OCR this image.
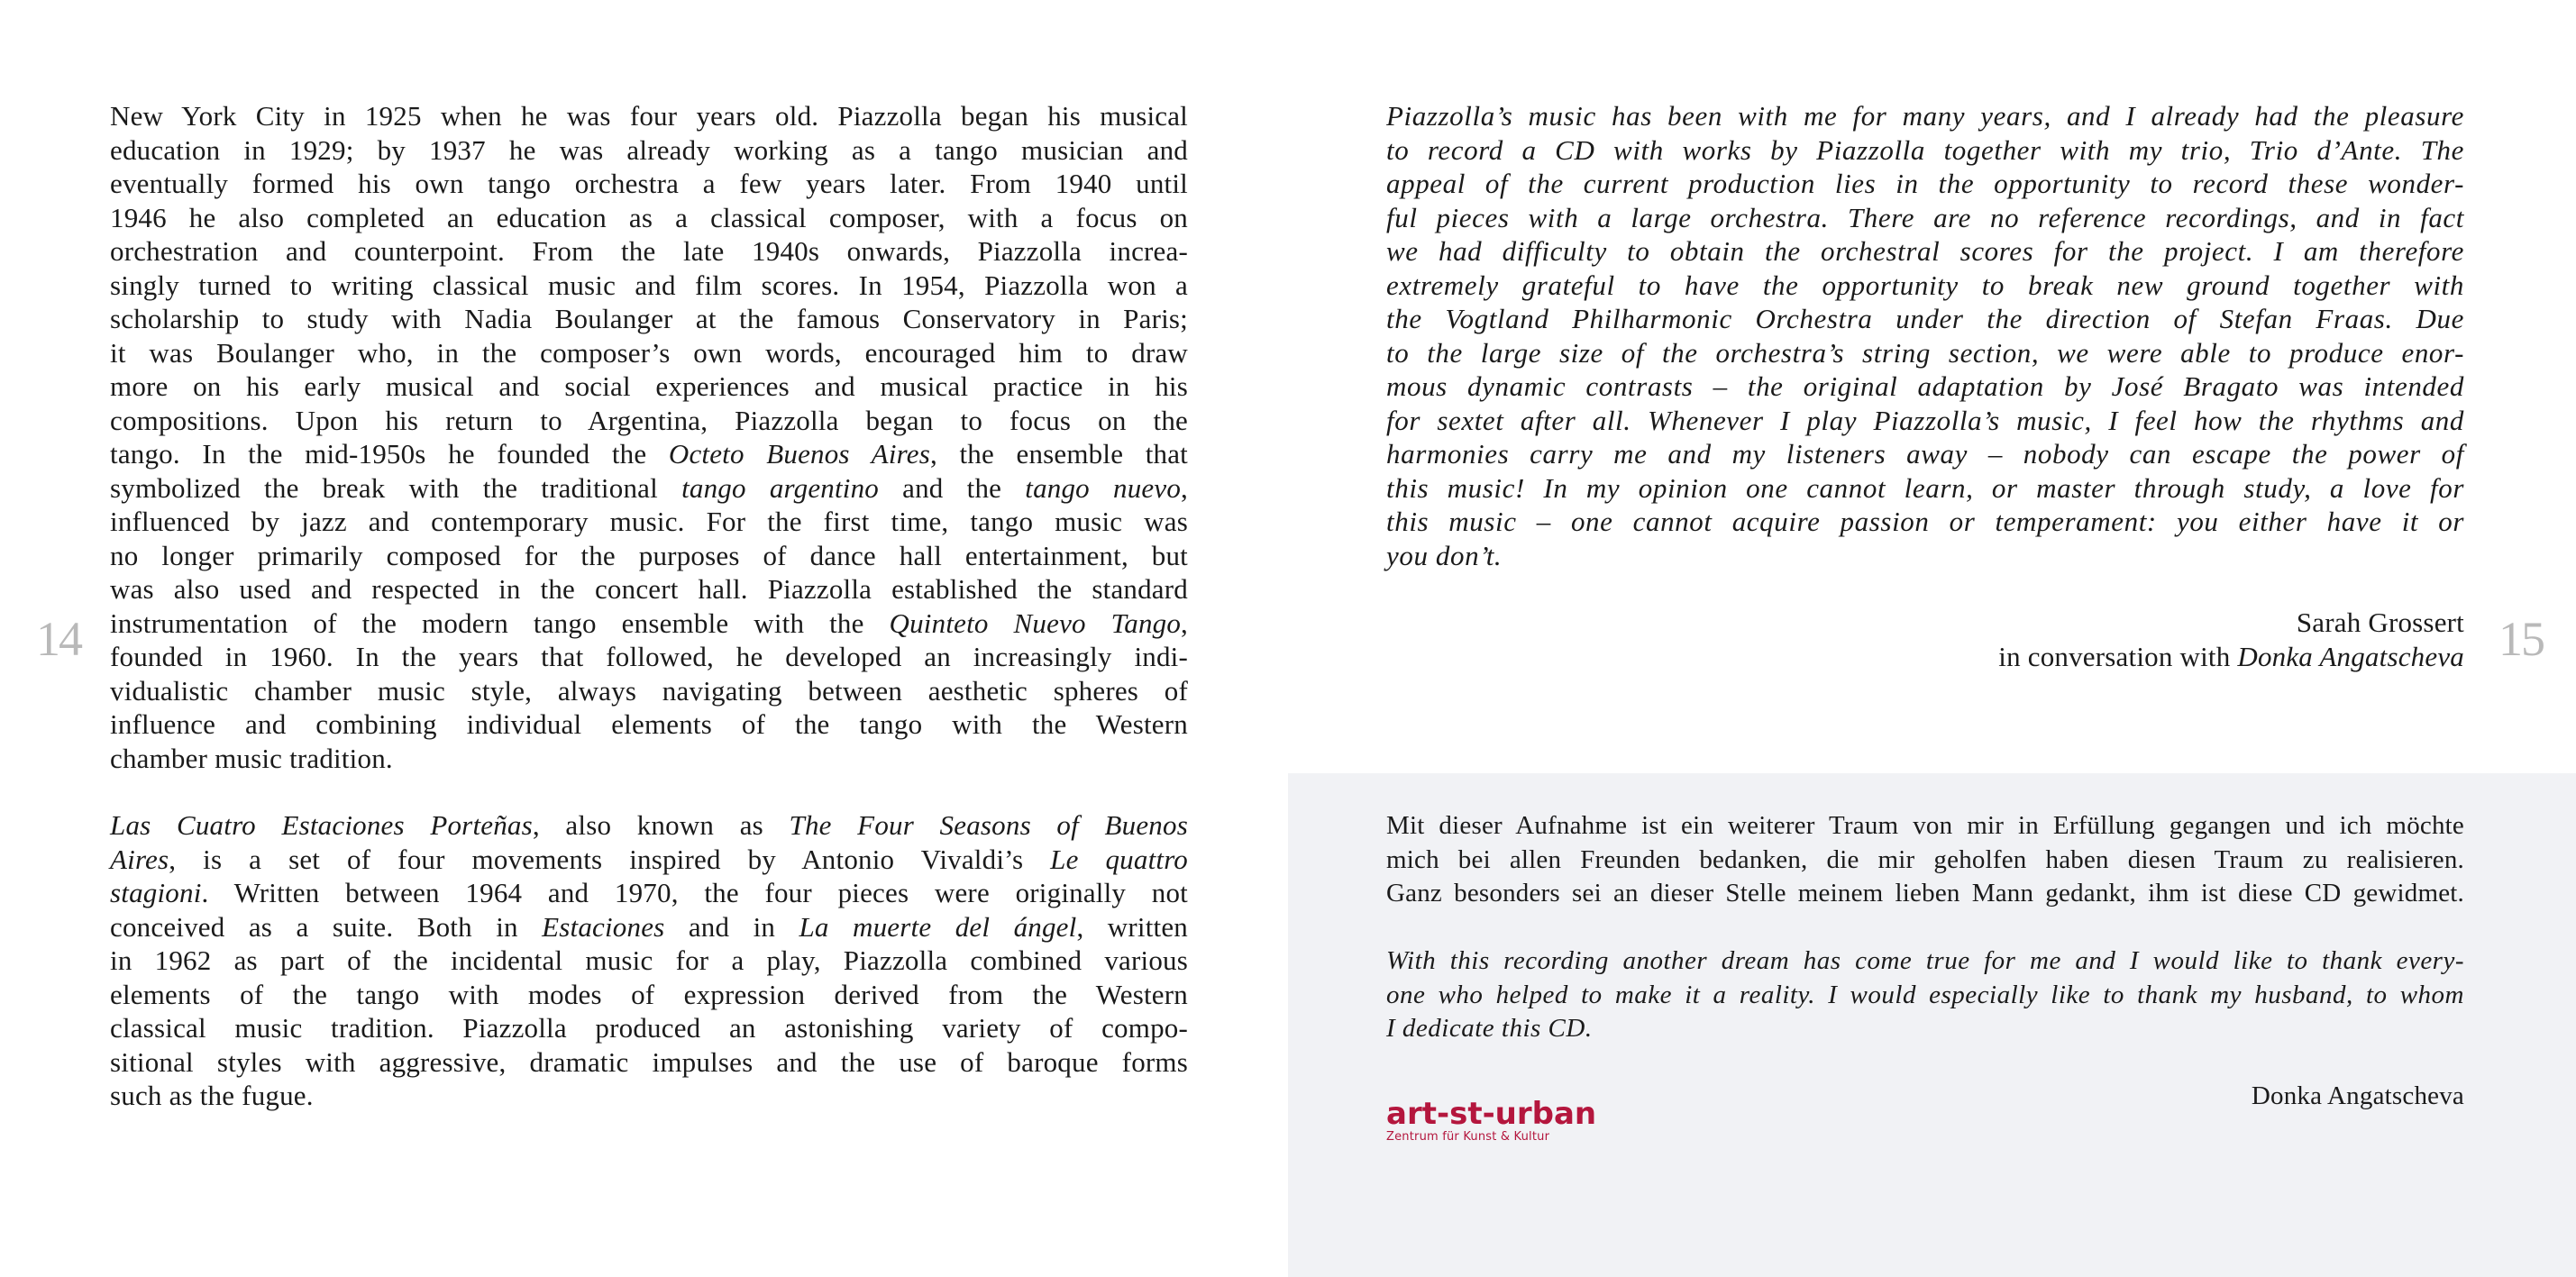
14
New York City in 1925 when he was four years old. Piazzolla began his musical
education in 1929; by 1937 he was already working as a tango musician and
eventually formed his own tango orchestra a few years later. From 1940 until
1946 he also completed an education as a classical composer, with a focus on
orchestration and counterpoint. From the late 1940s onwards, Piazzolla increa-
singly turned to writing classical music and film scores. In 1954, Piazzolla won a
scholarship to study with Nadia Boulanger at the famous Conservatory in Paris;
it was Boulanger who, in the composer’s own words, encouraged him to draw
more on his early musical and social experiences and musical practice in his
compositions. Upon his return to Argentina, Piazzolla began to focus on the
tango. In the mid-1950s he founded the Octeto Buenos Aires, the ensemble that
symbolized the break with the traditional tango argentino and the tango nuevo,
influenced by jazz and contemporary music. For the first time, tango music was
no longer primarily composed for the purposes of dance hall entertainment, but
was also used and respected in the concert hall. Piazzolla established the standard
instrumentation of the modern tango ensemble with the Quinteto Nuevo Tango,
founded in 1960. In the years that followed, he developed an increasingly indi-
vidualistic chamber music style, always navigating between aesthetic spheres of
influence and combining individual elements of the tango with the Western
chamber music tradition.
Las Cuatro Estaciones Porteñas, also known as The Four Seasons of Buenos
Aires, is a set of four movements inspired by Antonio Vivaldi’s Le quattro
stagioni. Written between 1964 and 1970, the four pieces were originally not
conceived as a suite. Both in Estaciones and in La muerte del ángel, written
in 1962 as part of the incidental music for a play, Piazzolla combined various
elements of the tango with modes of expression derived from the Western
classical music tradition. Piazzolla produced an astonishing variety of compo-
sitional styles with aggressive, dramatic impulses and the use of baroque forms
such as the fugue.
Piazzolla’s music has been with me for many years, and I already had the pleasure
to record a CD with works by Piazzolla together with my trio, Trio d’Ante. The
appeal of the current production lies in the opportunity to record these wonder-
ful pieces with a large orchestra. There are no reference recordings, and in fact
we had difficulty to obtain the orchestral scores for the project. I am therefore
extremely grateful to have the opportunity to break new ground together with
the Vogtland Philharmonic Orchestra under the direction of Stefan Fraas. Due
to the large size of the orchestra’s string section, we were able to produce enor-
mous dynamic contrasts – the original adaptation by José Bragato was intended
for sextet after all. Whenever I play Piazzolla’s music, I feel how the rhythms and
harmonies carry me and my listeners away – nobody can escape the power of
this music! In my opinion one cannot learn, or master through study, a love for
this music – one cannot acquire passion or temperament: you either have it or
you don’t.
Sarah Grossert
in conversation with Donka Angatscheva 15
Mit dieser Aufnahme ist ein weiterer Traum von mir in Erfüllung gegangen und ich möchte
mich bei allen Freunden bedanken, die mir geholfen haben diesen Traum zu realisieren.
Ganz besonders sei an dieser Stelle meinem lieben Mann gedankt, ihm ist diese CD gewidmet.
With this recording another dream has come true for me and I would like to thank every-
one who helped to make it a reality. I would especially like to thank my husband, to whom
I dedicate this CD.
Donka Angatscheva
art-st-urban
Zentrum für Kunst & Kultur
